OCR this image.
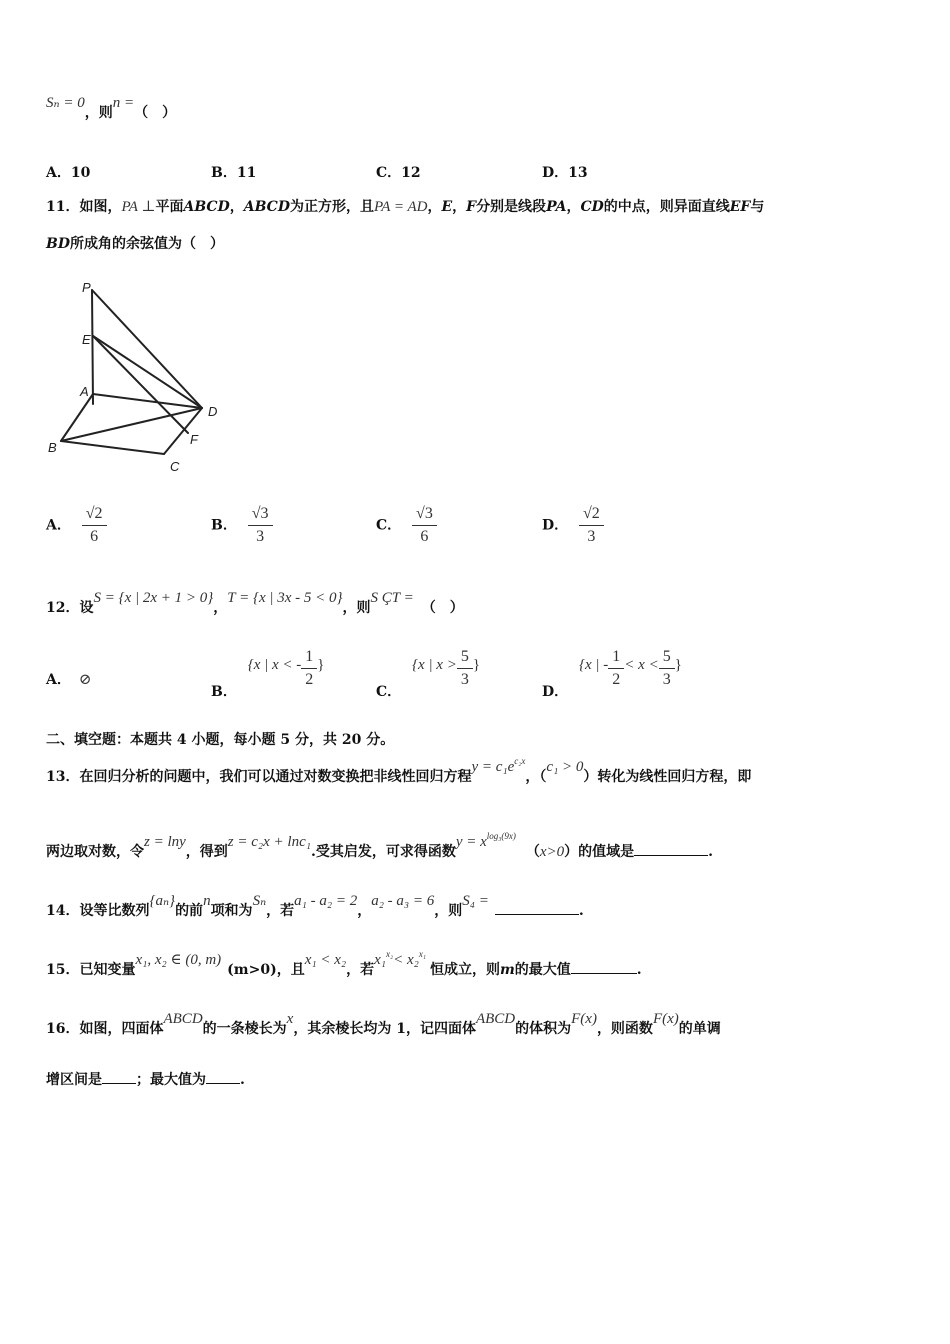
Sₙ = 0，则n =（　）
A．10	B．11	C．12	D．13
11．如图，PA ⊥平面ABCD，ABCD为正方形，且PA = AD，E，F分别是线段PA，CD的中点，则异面直线EF与
BD所成角的余弦值为（　）
P
E
A
D
B
F
C
A． $\frac{√2}{6}$	B． $\frac{√3}{3}$	C． $\frac{√3}{6}$	D． $\frac{√2}{3}$
12．设S = {x | 2x + 1 > 0}，T = {x | 3x - 5 < 0}，则S ÇT =（　）
A． ⊘
B． {x | x < - $\frac{1}{2}$ }
C． {x | $x > \frac{5}{3}$ }
D． {x | - $\frac{1}{2} < x < \frac{5}{3}$ }
二、填空题：本题共 4 小题，每小题 5 分，共 20 分。
13．在回归分析的问题中，我们可以通过对数变换把非线性回归方程$y = c_1e^{c_2x}$，（c₁ > 0）转化为线性回归方程，即
两边取对数，令z = lny，得到z = c₂x + lnc₁.受其启发，可求得函数$y = x^{log_3(9x)}(x>0)$的值域是	.
14．设等比数列{aₙ}的前n项和为Sₙ，若a₁ - a₂ = 2，a₂ - a₃ = 6，则S₄ =.
15．已知变量x₁, x₂ ∈ (0, m)(m>0)，且x₁ < x₂，若x₁$^{x_2}$< x₂$^{x_1}$恒成立，则m的最大值	.
16．如图，四面体ABCD的一条棱长为x，其余棱长均为 1，记四面体ABCD的体积为F(x)，则函数F(x)的单调
增区间是 ；最大值为 .
